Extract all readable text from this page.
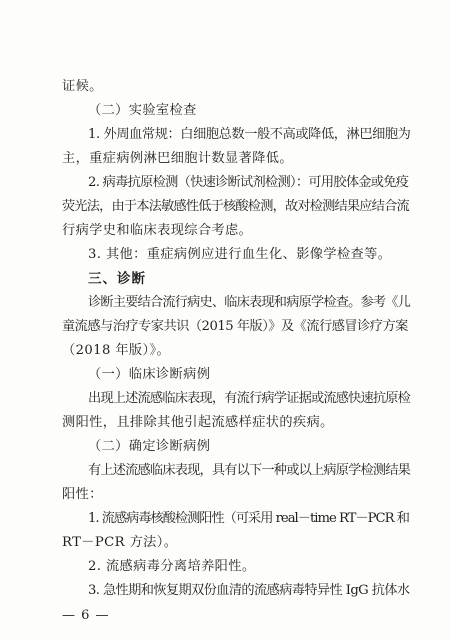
证候。

（二）实验室检查

1. 外周血常规：白细胞总数一般不高或降低，淋巴细胞为

主，重症病例淋巴细胞计数显著降低。

2. 病毒抗原检测（快速诊断试剂检测）：可用胶体金或免疫

荧光法，由于本法敏感性低于核酸检测，故对检测结果应结合流

行病学史和临床表现综合考虑。

3. 其他：重症病例应进行血生化、影像学检查等。

三、诊断

诊断主要结合流行病史、临床表现和病原学检查。参考《儿

童流感与治疗专家共识（2015 年版）》及《流行感冒诊疗方案

（2018 年版）》。

（一）临床诊断病例

出现上述流感临床表现，有流行病学证据或流感快速抗原检

测阳性，且排除其他引起流感样症状的疾病。

（二）确定诊断病例

有上述流感临床表现，具有以下一种或以上病原学检测结果

阳性：

1. 流感病毒核酸检测阳性（可采用 real－time RT－PCR 和

RT－PCR 方法）。

2. 流感病毒分离培养阳性。

3. 急性期和恢复期双份血清的流感病毒特异性 IgG 抗体水

— 6 —
